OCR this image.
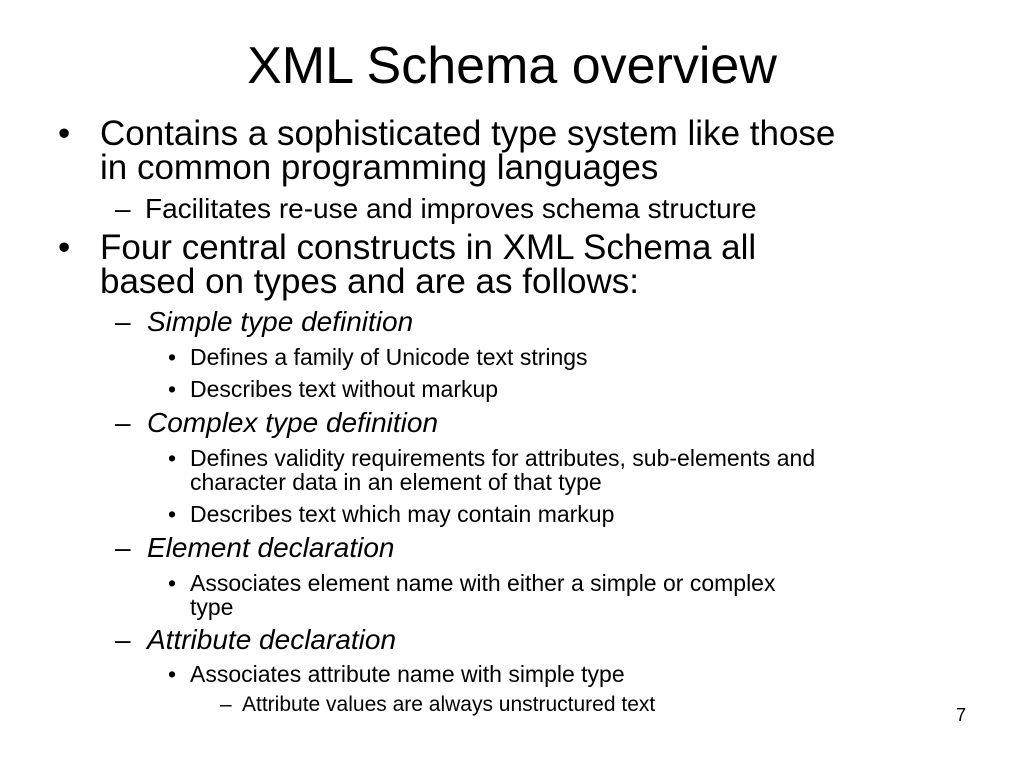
XML Schema overview
• Contains a sophisticated type system like those
in common programming languages
– Facilitates re-use and improves schema structure
• Four central constructs in XML Schema all
based on types and are as follows:
– Simple type definition
• Defines a family of Unicode text strings
• Describes text without markup
– Complex type definition
• Defines validity requirements for attributes, sub-elements and
character data in an element of that type
• Describes text which may contain markup
– Element declaration
• Associates element name with either a simple or complex
type
– Attribute declaration
• Associates attribute name with simple type
– Attribute values are always unstructured text	7
